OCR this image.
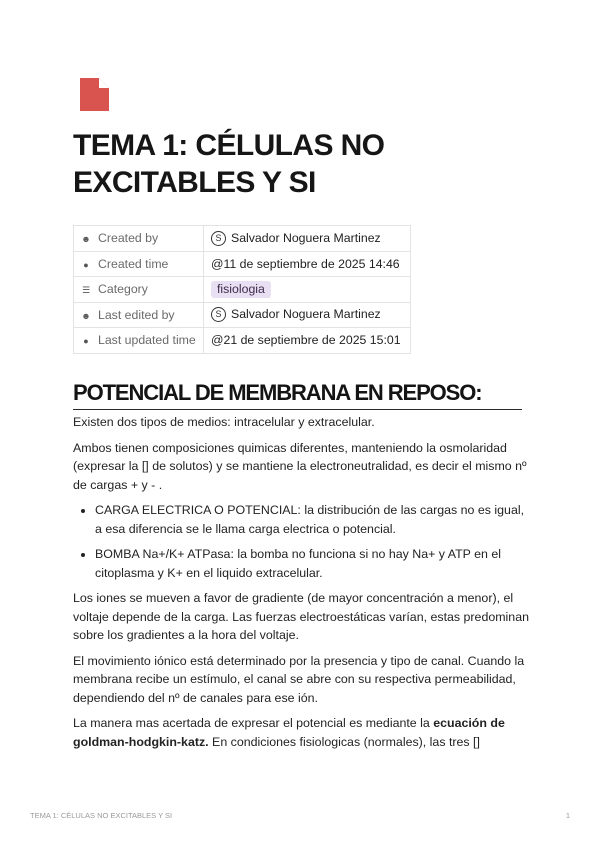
TEMA 1: CÉLULAS NO EXCITABLES Y SI
☻ Created by	S Salvador Noguera Martinez
● Created time	@11 de septiembre de 2025 14:46
☰ Category	fisiologia
☻ Last edited by	S Salvador Noguera Martinez
● Last updated time	@21 de septiembre de 2025 15:01
POTENCIAL DE MEMBRANA EN REPOSO:

Existen dos tipos de medios: intracelular y extracelular.

Ambos tienen composiciones quimicas diferentes, manteniendo la osmolaridad (expresar la [] de solutos) y se mantiene la electroneutralidad, es decir el mismo nº de cargas + y - .

• CARGA ELECTRICA O POTENCIAL: la distribución de las cargas no es igual, a esa diferencia se le llama carga electrica o potencial.
• BOMBA Na+/K+ ATPasa: la bomba no funciona si no hay Na+ y ATP en el citoplasma y K+ en el liquido extracelular.

Los iones se mueven a favor de gradiente (de mayor concentración a menor), el voltaje depende de la carga. Las fuerzas electroestáticas varían, estas predominan sobre los gradientes a la hora del voltaje.

El movimiento iónico está determinado por la presencia y tipo de canal. Cuando la membrana recibe un estímulo, el canal se abre con su respectiva permeabilidad, dependiendo del nº de canales para ese ión.

La manera mas acertada de expresar el potencial es mediante la ecuación de goldman-hodgkin-katz. En condiciones fisiologicas (normales), las tres []

TEMA 1: CÉLULAS NO EXCITABLES Y SI	1
